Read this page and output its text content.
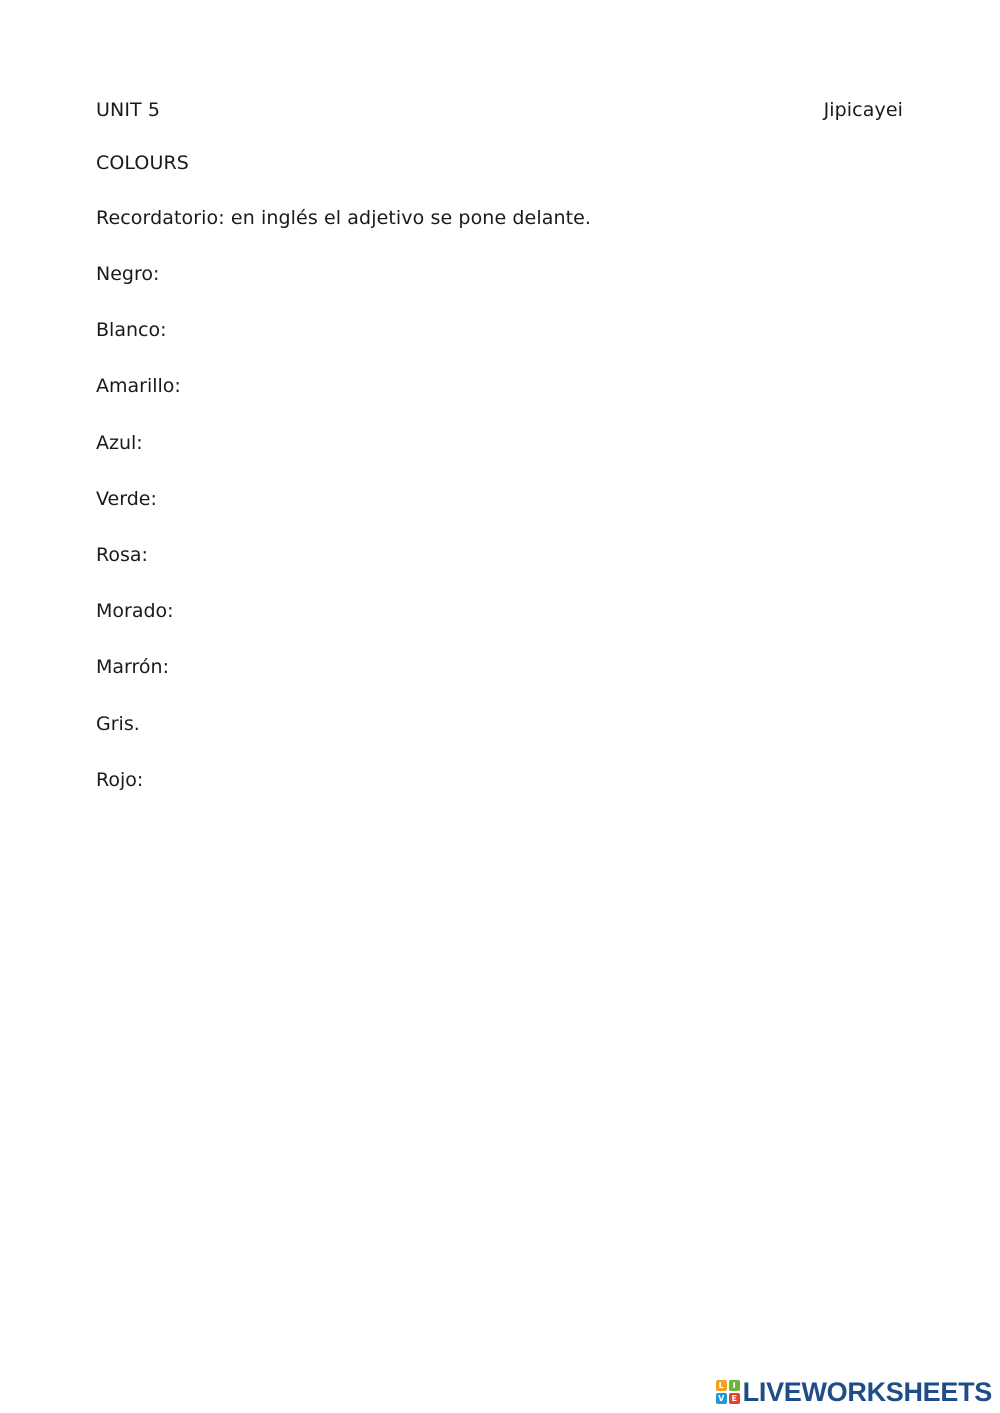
UNIT 5	Jipicayei
COLOURS
Recordatorio: en inglés el adjetivo se pone delante.
Negro:
Blanco:
Amarillo:
Azul:
Verde:
Rosa:
Morado:
Marrón:
Gris.
Rojo:
L	I
V E LIVEWORKSHEETS
